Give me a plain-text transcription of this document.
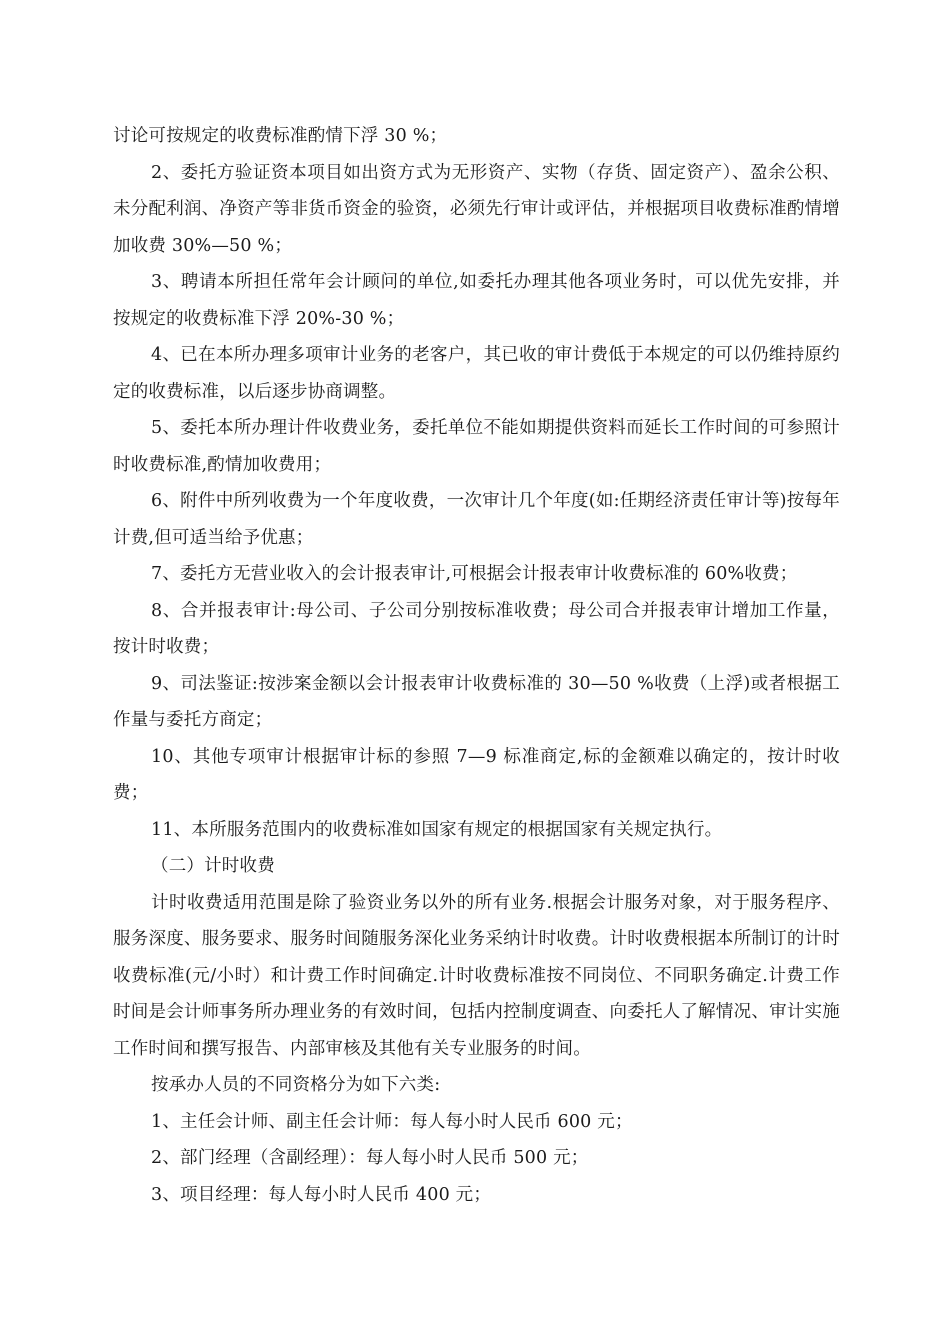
讨论可按规定的收费标准酌情下浮 30 %；

2、委托方验证资本项目如出资方式为无形资产、实物（存货、固定资产）、盈余公积、未分配利润、净资产等非货币资金的验资，必须先行审计或评估，并根据项目收费标准酌情增加收费 30%—50 %；

3、聘请本所担任常年会计顾问的单位,如委托办理其他各项业务时，可以优先安排，并按规定的收费标准下浮 20%-30 %；

4、已在本所办理多项审计业务的老客户，其已收的审计费低于本规定的可以仍维持原约定的收费标准，以后逐步协商调整。

5、委托本所办理计件收费业务，委托单位不能如期提供资料而延长工作时间的可参照计时收费标准,酌情加收费用；

6、附件中所列收费为一个年度收费，一次审计几个年度(如:任期经济责任审计等)按每年计费,但可适当给予优惠；

7、委托方无营业收入的会计报表审计,可根据会计报表审计收费标准的 60%收费；

8、合并报表审计:母公司、子公司分别按标准收费；母公司合并报表审计增加工作量，按计时收费；

9、司法鉴证:按涉案金额以会计报表审计收费标准的 30—50 %收费（上浮)或者根据工作量与委托方商定；

10、其他专项审计根据审计标的参照 7—9 标准商定,标的金额难以确定的，按计时收费；

11、本所服务范围内的收费标准如国家有规定的根据国家有关规定执行。

（二）计时收费

计时收费适用范围是除了验资业务以外的所有业务.根据会计服务对象，对于服务程序、服务深度、服务要求、服务时间随服务深化业务采纳计时收费。计时收费根据本所制订的计时收费标准(元/小时）和计费工作时间确定.计时收费标准按不同岗位、不同职务确定.计费工作时间是会计师事务所办理业务的有效时间，包括内控制度调查、向委托人了解情况、审计实施工作时间和撰写报告、内部审核及其他有关专业服务的时间。

按承办人员的不同资格分为如下六类:

1、主任会计师、副主任会计师：每人每小时人民币 600 元；

2、部门经理（含副经理）：每人每小时人民币 500 元；

3、项目经理：每人每小时人民币 400 元；
